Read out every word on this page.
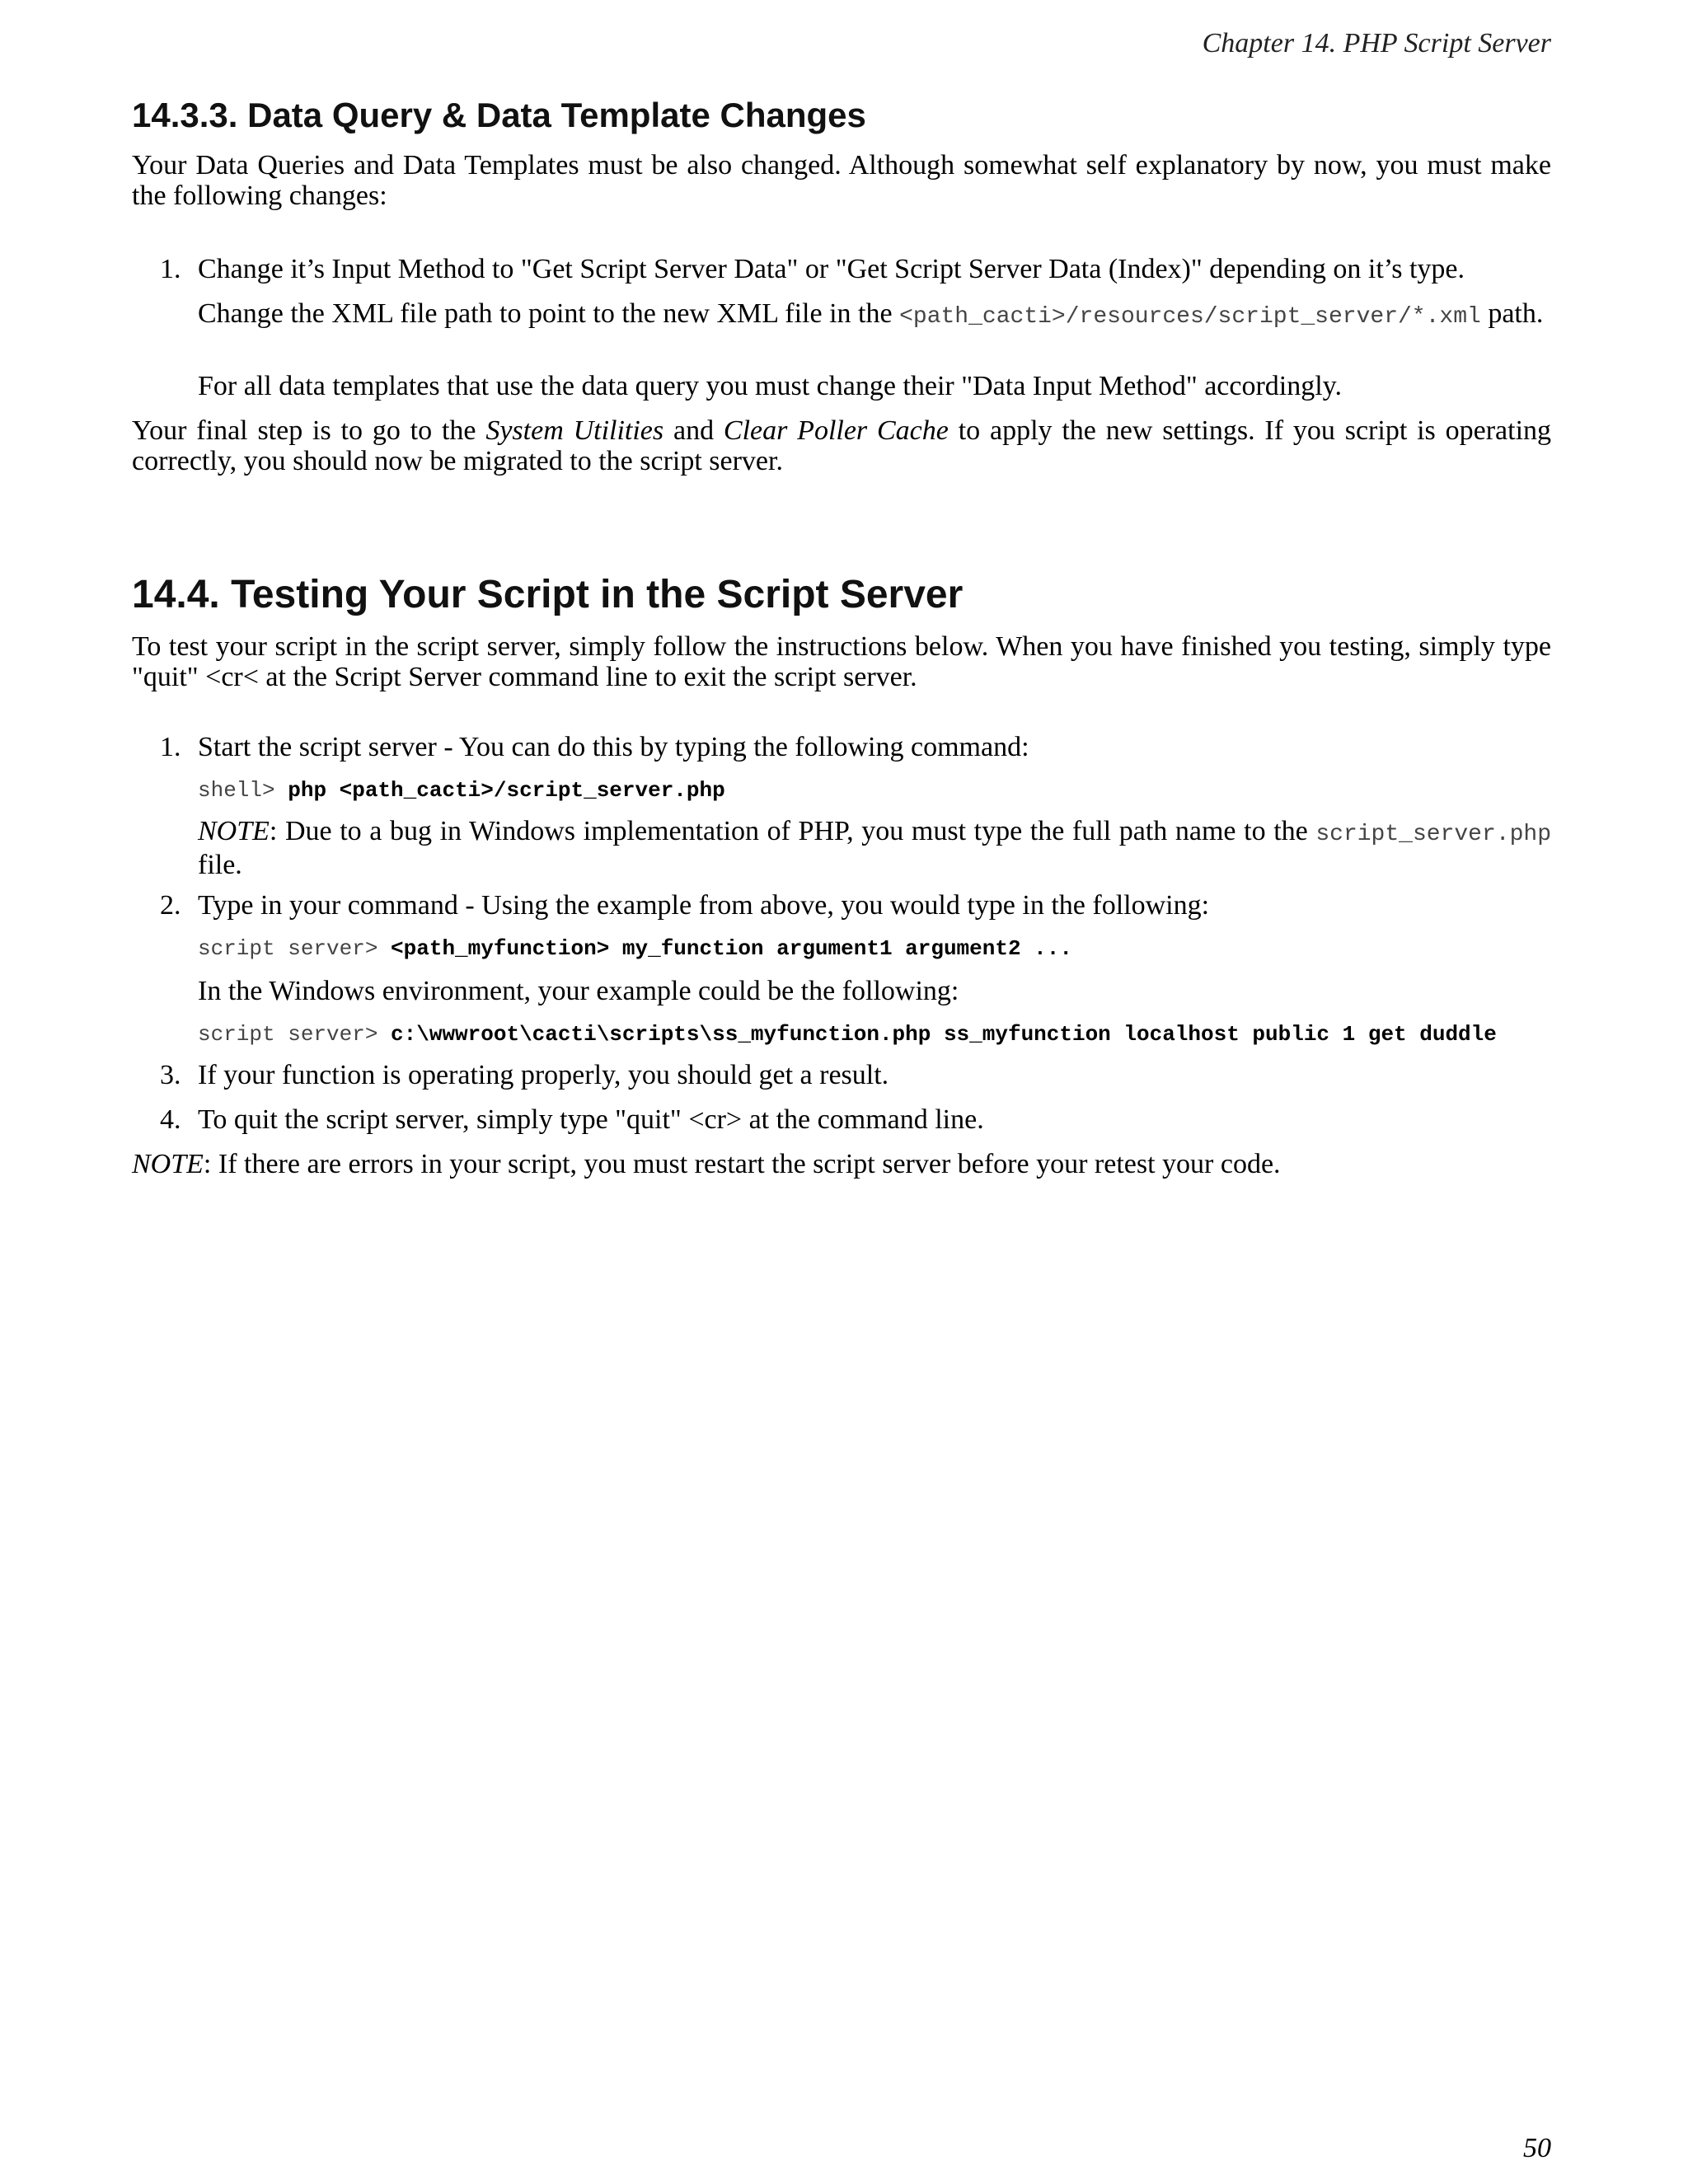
Chapter 14. PHP Script Server
14.3.3. Data Query & Data Template Changes

Your Data Queries and Data Templates must be also changed. Although somewhat self explanatory by now, you must make the following changes:

1. Change it’s Input Method to "Get Script Server Data" or "Get Script Server Data (Index)" depending on it’s type.

Change the XML file path to point to the new XML file in the <path_cacti>/resources/script_server/*.xml path.

For all data templates that use the data query you must change their "Data Input Method" accordingly.

Your final step is to go to the System Utilities and Clear Poller Cache to apply the new settings. If you script is operating correctly, you should now be migrated to the script server.

14.4. Testing Your Script in the Script Server

To test your script in the script server, simply follow the instructions below. When you have finished you testing, simply type "quit" <cr< at the Script Server command line to exit the script server.

1. Start the script server - You can do this by typing the following command:

shell> php <path_cacti>/script_server.php

NOTE: Due to a bug in Windows implementation of PHP, you must type the full path name to the script_server.php file.

2. Type in your command - Using the example from above, you would type in the following:

script server> <path_myfunction> my_function argument1 argument2 ...

In the Windows environment, your example could be the following:

script server> c:\wwwroot\cacti\scripts\ss_myfunction.php ss_myfunction localhost public 1 get duddle

3. If your function is operating properly, you should get a result.

4. To quit the script server, simply type "quit" <cr> at the command line.

NOTE: If there are errors in your script, you must restart the script server before your retest your code.

50
